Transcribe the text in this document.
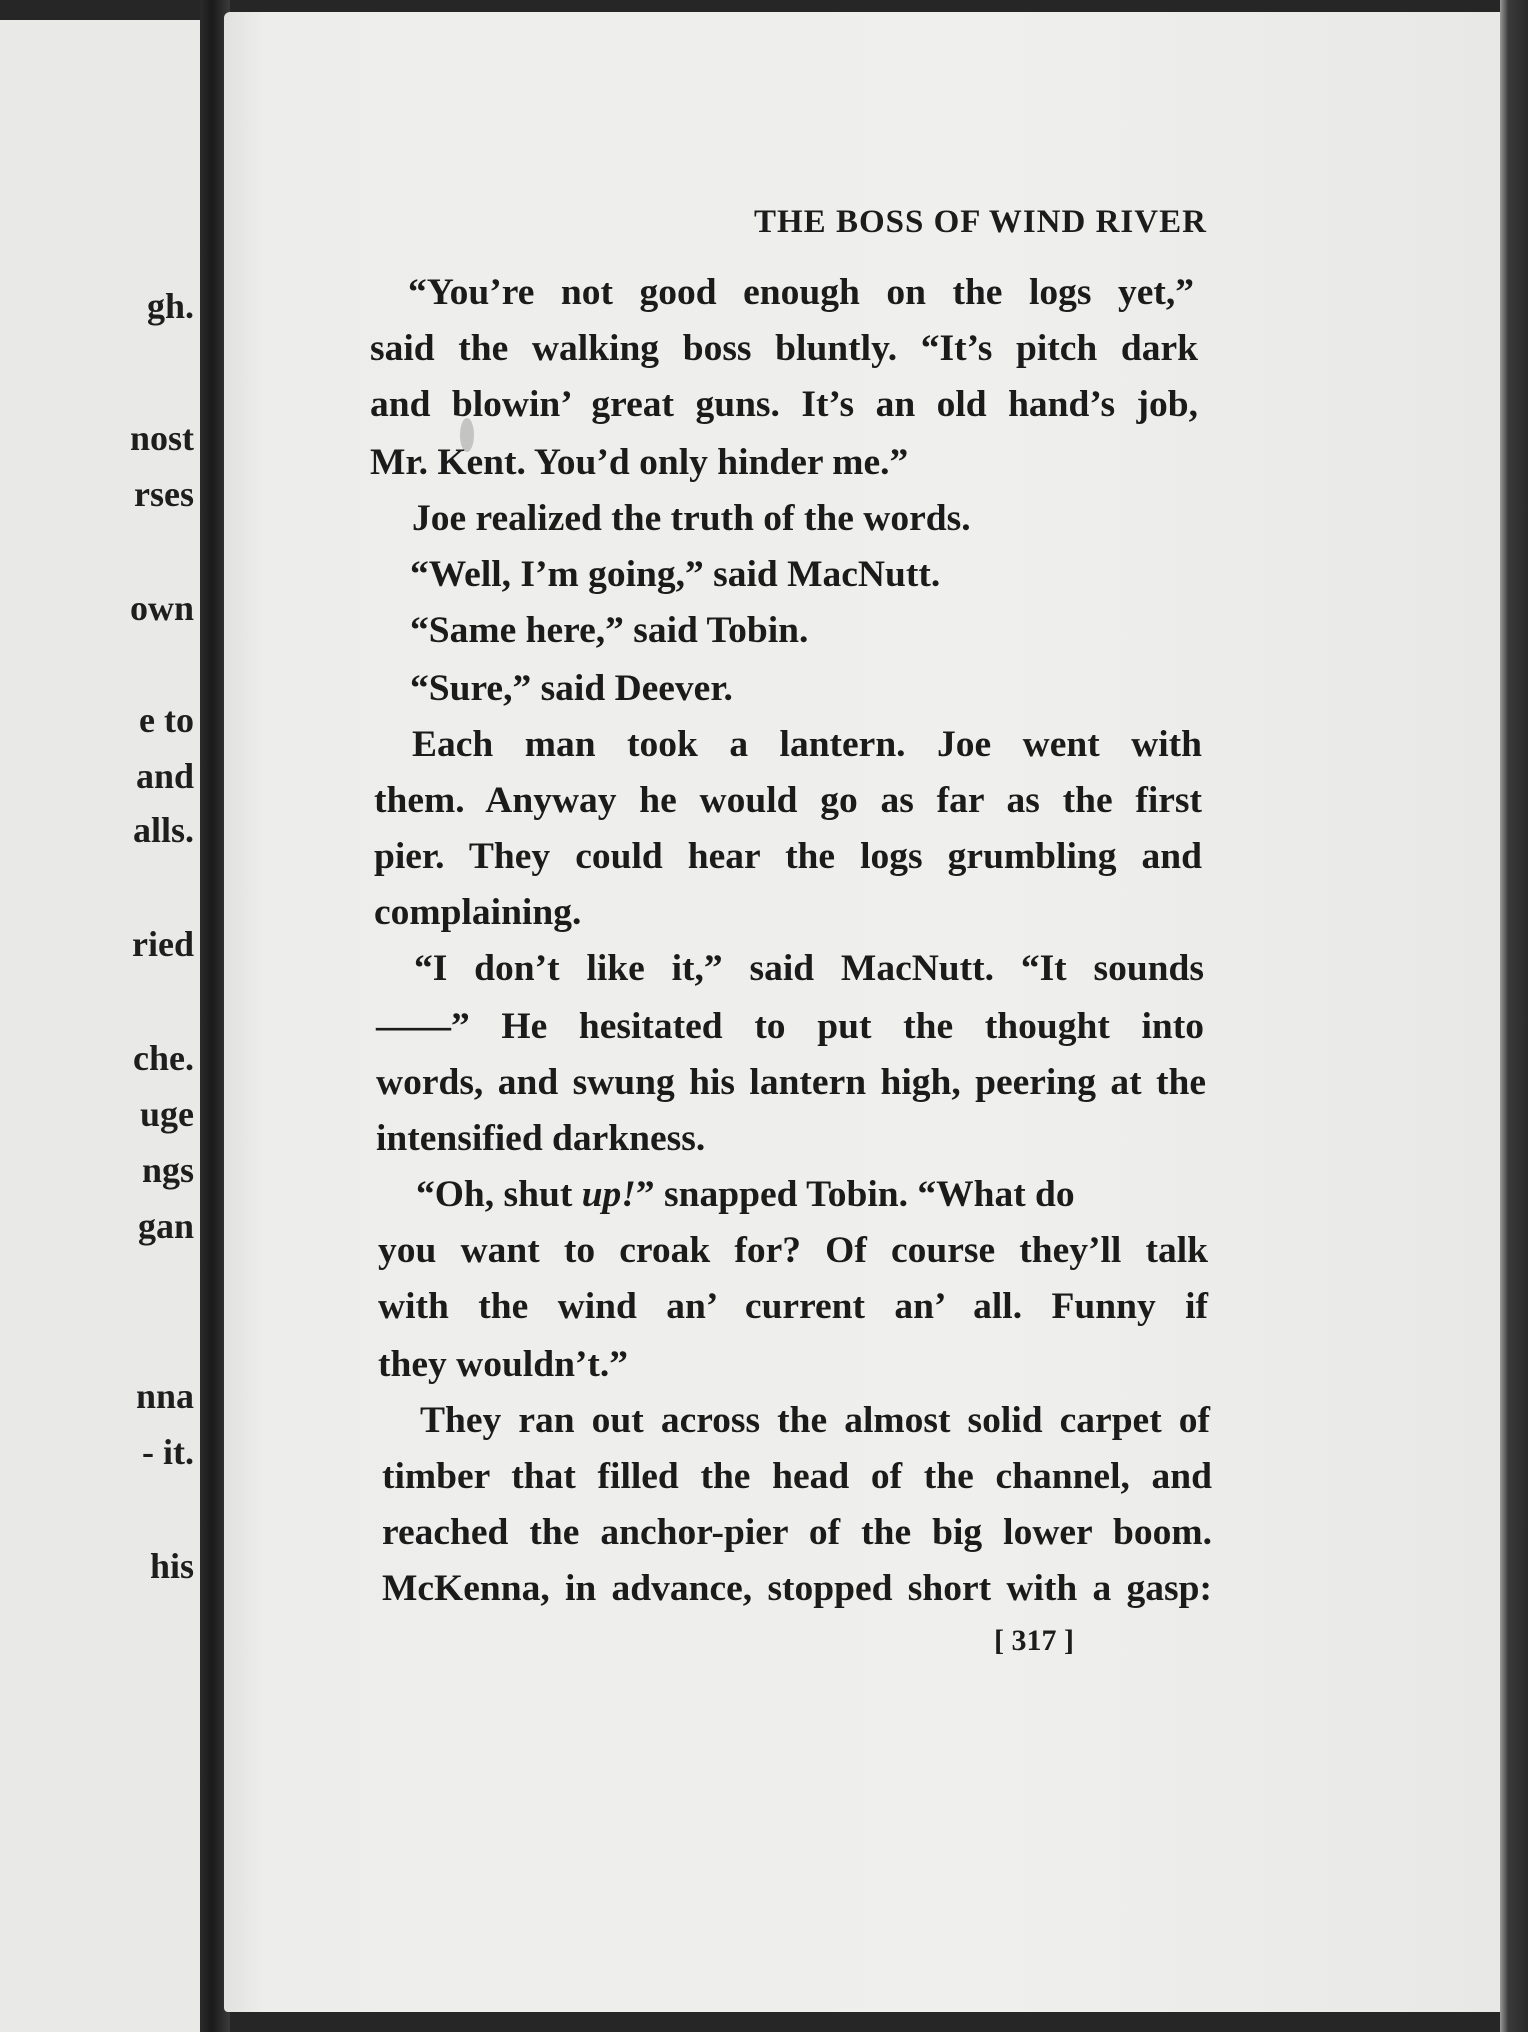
gh.
nost
rses
own
e to
and
alls.
ried
che.
uge
ngs
gan
nna
- it.
his
THE BOSS OF WIND RIVER
“You’re not good enough on the logs yet,”
said the walking boss bluntly. “It’s pitch dark
and blowin’ great guns. It’s an old hand’s job,
Mr. Kent. You’d only hinder me.”
Joe realized the truth of the words.
“Well, I’m going,” said MacNutt.
“Same here,” said Tobin.
“Sure,” said Deever.
Each man took a lantern. Joe went with
them. Anyway he would go as far as the first
pier. They could hear the logs grumbling and
complaining.
“I don’t like it,” said MacNutt. “It sounds
——” He hesitated to put the thought into
words, and swung his lantern high, peering at the
intensified darkness.
“Oh, shut up!” snapped Tobin. “What do
you want to croak for? Of course they’ll talk
with the wind an’ current an’ all. Funny if
they wouldn’t.”
They ran out across the almost solid carpet of
timber that filled the head of the channel, and
reached the anchor-pier of the big lower boom.
McKenna, in advance, stopped short with a gasp:
[ 317 ]
